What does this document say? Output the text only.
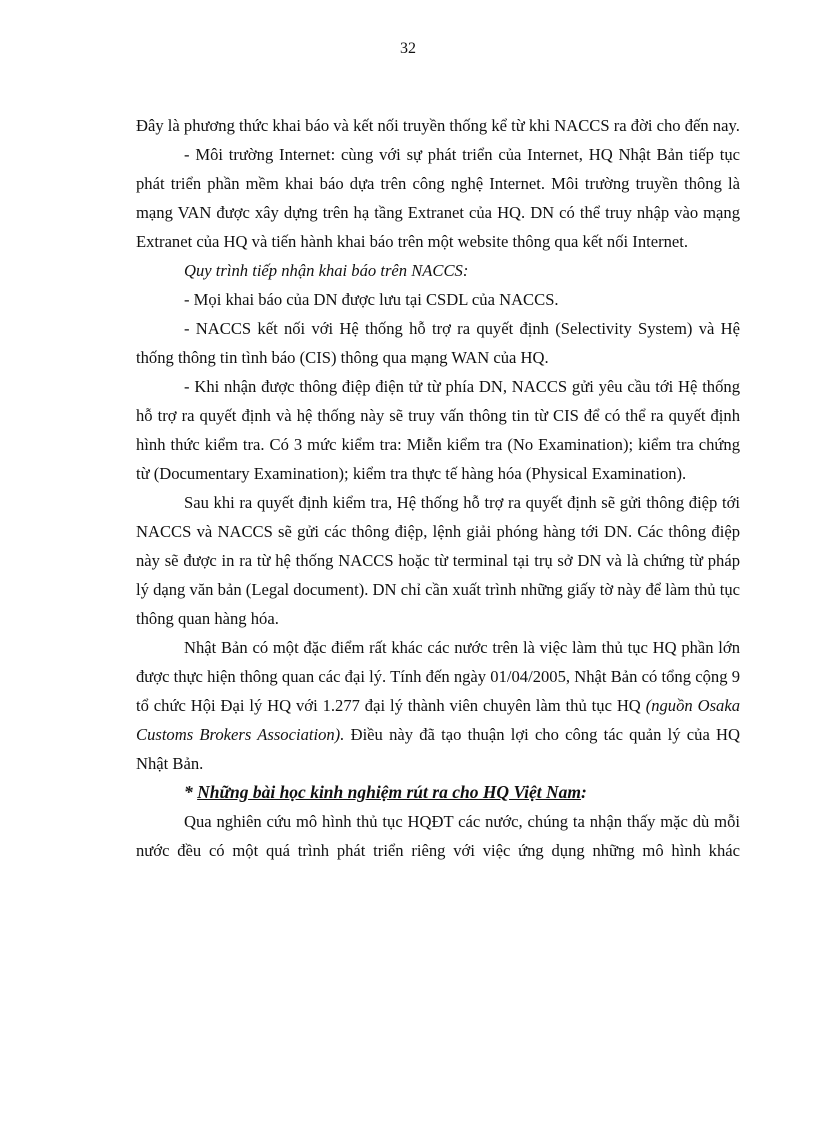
32

Đây là phương thức khai báo và kết nối truyền thống kể từ khi NACCS ra đời cho đến nay.

- Môi trường Internet: cùng với sự phát triển của Internet, HQ Nhật Bản tiếp tục phát triển phần mềm khai báo dựa trên công nghệ Internet. Môi trường truyền thông là mạng VAN được xây dựng trên hạ tầng Extranet của HQ. DN có thể truy nhập vào mạng Extranet của HQ và tiến hành khai báo trên một website thông qua kết nối Internet.

Quy trình tiếp nhận khai báo trên NACCS:

- Mọi khai báo của DN được lưu tại CSDL của NACCS.

- NACCS kết nối với Hệ thống hỗ trợ ra quyết định (Selectivity System) và Hệ thống thông tin tình báo (CIS) thông qua mạng WAN của HQ.

- Khi nhận được thông điệp điện tử từ phía DN, NACCS gửi yêu cầu tới Hệ thống hỗ trợ ra quyết định và hệ thống này sẽ truy vấn thông tin từ CIS để có thể ra quyết định hình thức kiểm tra. Có 3 mức kiểm tra: Miễn kiểm tra (No Examination); kiểm tra chứng từ (Documentary Examination); kiểm tra thực tế hàng hóa (Physical Examination).

Sau khi ra quyết định kiểm tra, Hệ thống hỗ trợ ra quyết định sẽ gửi thông điệp tới NACCS và NACCS sẽ gửi các thông điệp, lệnh giải phóng hàng tới DN. Các thông điệp này sẽ được in ra từ hệ thống NACCS hoặc từ terminal tại trụ sở DN và là chứng từ pháp lý dạng văn bản (Legal document). DN chỉ cần xuất trình những giấy tờ này để làm thủ tục thông quan hàng hóa.

Nhật Bản có một đặc điểm rất khác các nước trên là việc làm thủ tục HQ phần lớn được thực hiện thông quan các đại lý. Tính đến ngày 01/04/2005, Nhật Bản có tổng cộng 9 tổ chức Hội Đại lý HQ với 1.277 đại lý thành viên chuyên làm thủ tục HQ (nguồn Osaka Customs Brokers Association). Điều này đã tạo thuận lợi cho công tác quản lý của HQ Nhật Bản.

* Những bài học kinh nghiệm rút ra cho HQ Việt Nam:

Qua nghiên cứu mô hình thủ tục HQĐT các nước, chúng ta nhận thấy mặc dù mỗi nước đều có một quá trình phát triển riêng với việc ứng dụng những mô hình khác
